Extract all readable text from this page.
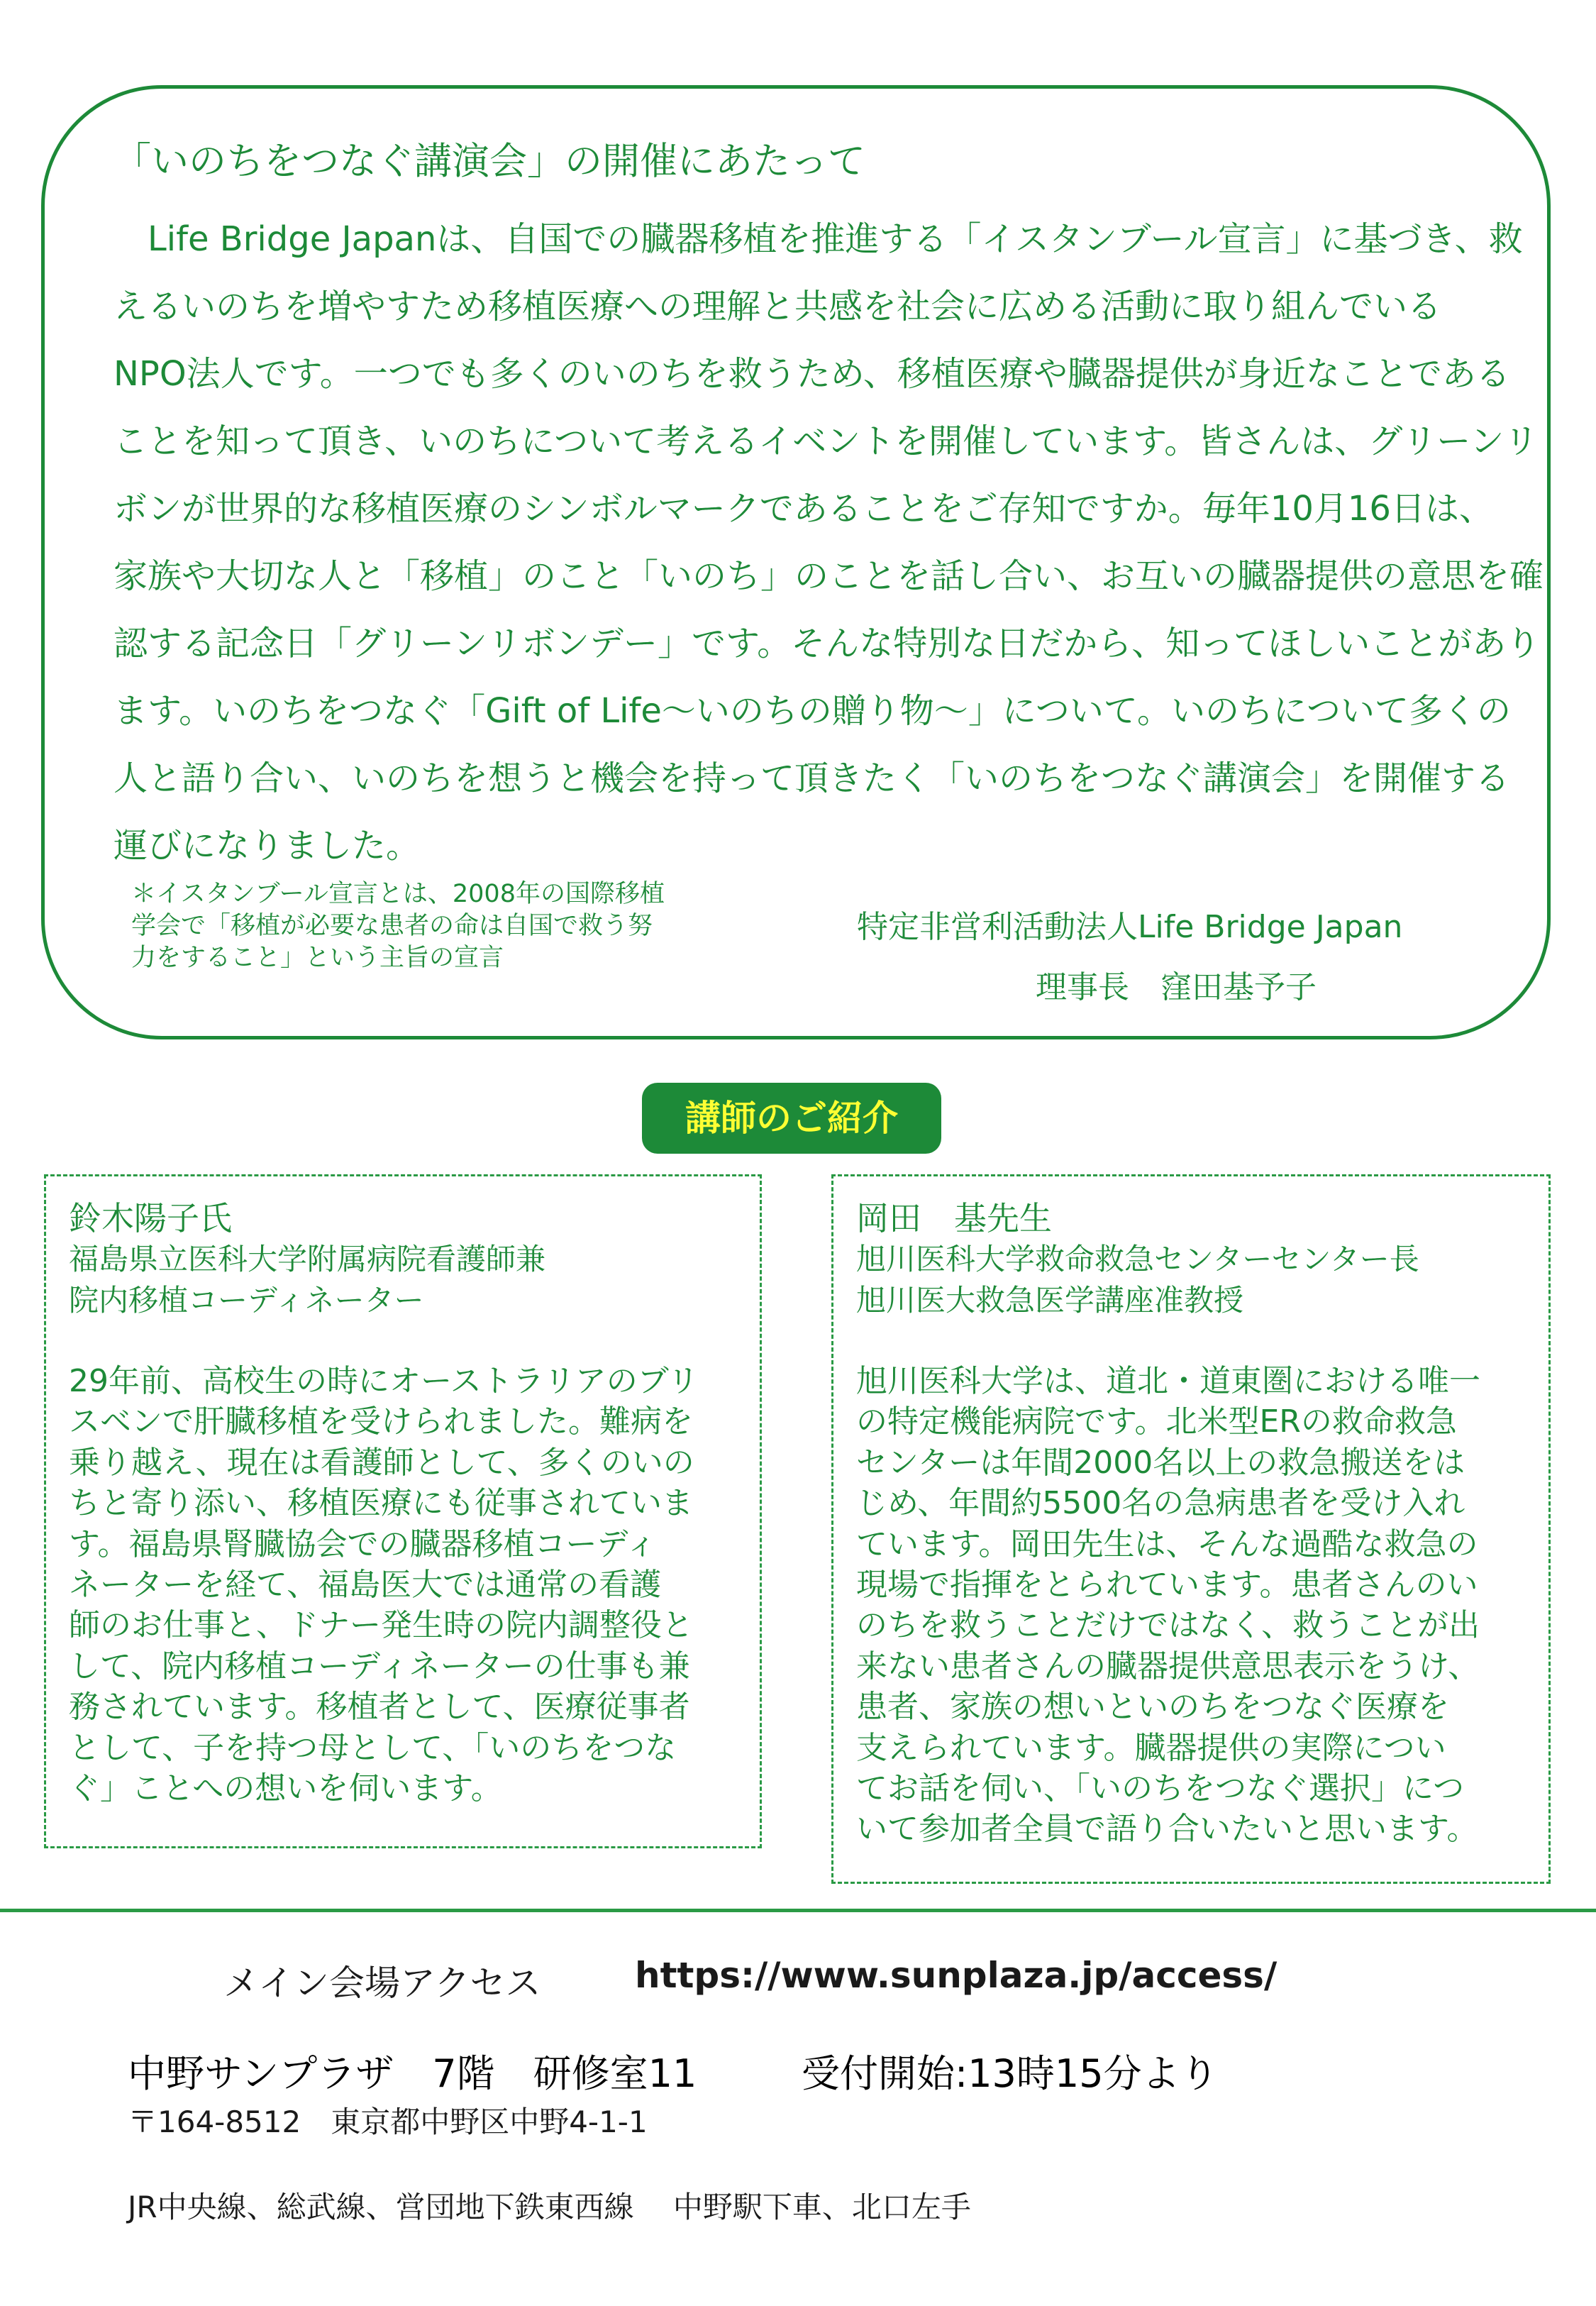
「いのちをつなぐ講演会」の開催にあたって
　Life Bridge Japanは、自国での臓器移植を推進する「イスタンブール宣言」に基づき、救
えるいのちを増やすため移植医療への理解と共感を社会に広める活動に取り組んでいる
NPO法人です。一つでも多くのいのちを救うため、移植医療や臓器提供が身近なことである
ことを知って頂き、いのちについて考えるイベントを開催しています。皆さんは、グリーンリ
ボンが世界的な移植医療のシンボルマークであることをご存知ですか。毎年10月16日は、
家族や大切な人と「移植」のこと「いのち」のことを話し合い、お互いの臓器提供の意思を確
認する記念日「グリーンリボンデー」です。そんな特別な日だから、知ってほしいことがあり
ます。いのちをつなぐ「Gift of Life～いのちの贈り物～」について。いのちについて多くの
人と語り合い、いのちを想うと機会を持って頂きたく「いのちをつなぐ講演会」を開催する
運びになりました。
＊イスタンブール宣言とは、2008年の国際移植
学会で「移植が必要な患者の命は自国で救う努
力をすること」という主旨の宣言
特定非営利活動法人Life Bridge Japan
理事長　窪田基予子
講師のご紹介
鈴木陽子氏
福島県立医科大学附属病院看護師兼
院内移植コーディネーター
29年前、高校生の時にオーストラリアのブリ
スベンで肝臓移植を受けられました。難病を
乗り越え、現在は看護師として、多くのいの
ちと寄り添い、移植医療にも従事されていま
す。福島県腎臓協会での臓器移植コーディ
ネーターを経て、福島医大では通常の看護
師のお仕事と、ドナー発生時の院内調整役と
して、院内移植コーディネーターの仕事も兼
務されています。移植者として、医療従事者
として、子を持つ母として、「いのちをつな
ぐ」ことへの想いを伺います。
岡田　基先生
旭川医科大学救命救急センターセンター長
旭川医大救急医学講座准教授
旭川医科大学は、道北・道東圏における唯一
の特定機能病院です。北米型ERの救命救急
センターは年間2000名以上の救急搬送をは
じめ、年間約5500名の急病患者を受け入れ
ています。岡田先生は、そんな過酷な救急の
現場で指揮をとられています。患者さんのい
のちを救うことだけではなく、救うことが出
来ない患者さんの臓器提供意思表示をうけ、
患者、家族の想いといのちをつなぐ医療を
支えられています。臓器提供の実際につい
てお話を伺い、「いのちをつなぐ選択」につ
いて参加者全員で語り合いたいと思います。
メイン会場アクセス	https://www.sunplaza.jp/access/
中野サンプラザ　7階　研修室11	受付開始:13時15分より
〒164-8512　東京都中野区中野4-1-1
JR中央線、総武線、営団地下鉄東西線　 中野駅下車、北口左手
